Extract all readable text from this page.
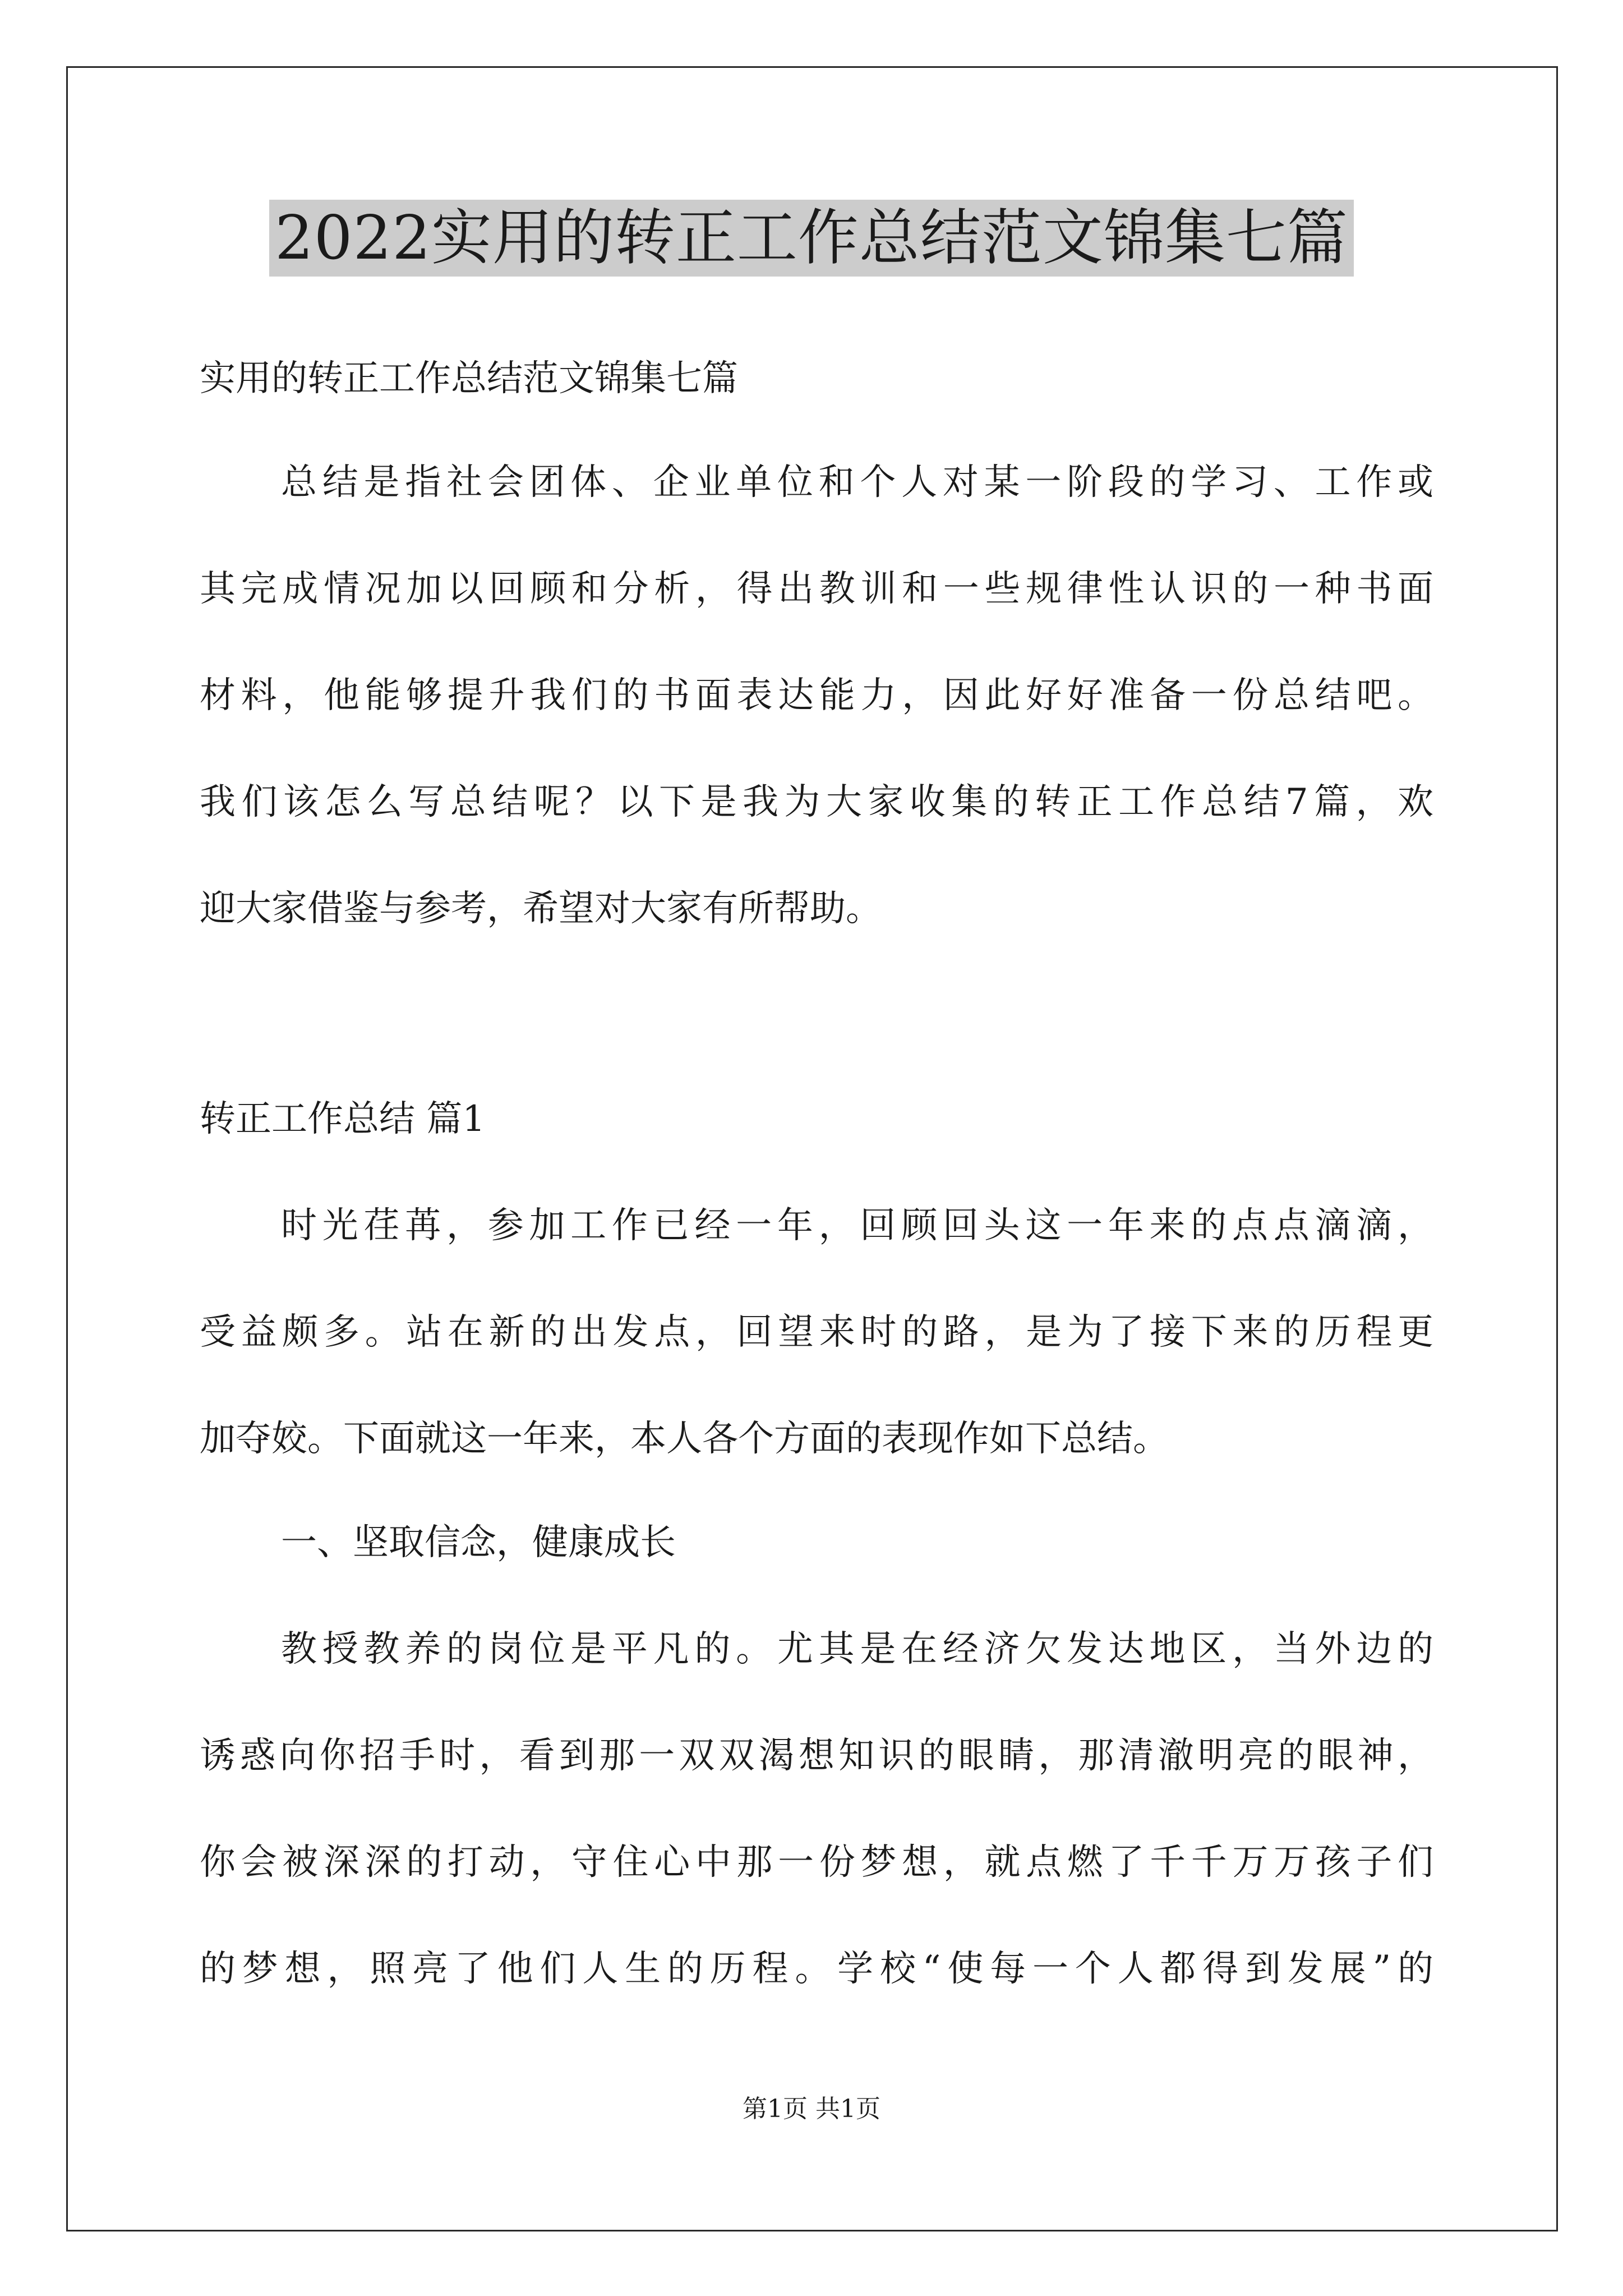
2022实用的转正工作总结范文锦集七篇
实用的转正工作总结范文锦集七篇
总结是指社会团体、企业单位和个人对某一阶段的学习、工作或
其完成情况加以回顾和分析，得出教训和一些规律性认识的一种书面
材料，他能够提升我们的书面表达能力，因此好好准备一份总结吧。
我们该怎么写总结呢？以下是我为大家收集的转正工作总结7篇，欢
迎大家借鉴与参考，希望对大家有所帮助。
转正工作总结 篇1
时光荏苒，参加工作已经一年，回顾回头这一年来的点点滴滴，
受益颇多。站在新的出发点，回望来时的路，是为了接下来的历程更
加夺姣。下面就这一年来，本人各个方面的表现作如下总结。
一、坚取信念，健康成长
教授教养的岗位是平凡的。尤其是在经济欠发达地区，当外边的
诱惑向你招手时，看到那一双双渴想知识的眼睛，那清澈明亮的眼神，
你会被深深的打动，守住心中那一份梦想，就点燃了千千万万孩子们
的梦想，照亮了他们人生的历程。学校“使每一个人都得到发展”的
第1页 共1页
